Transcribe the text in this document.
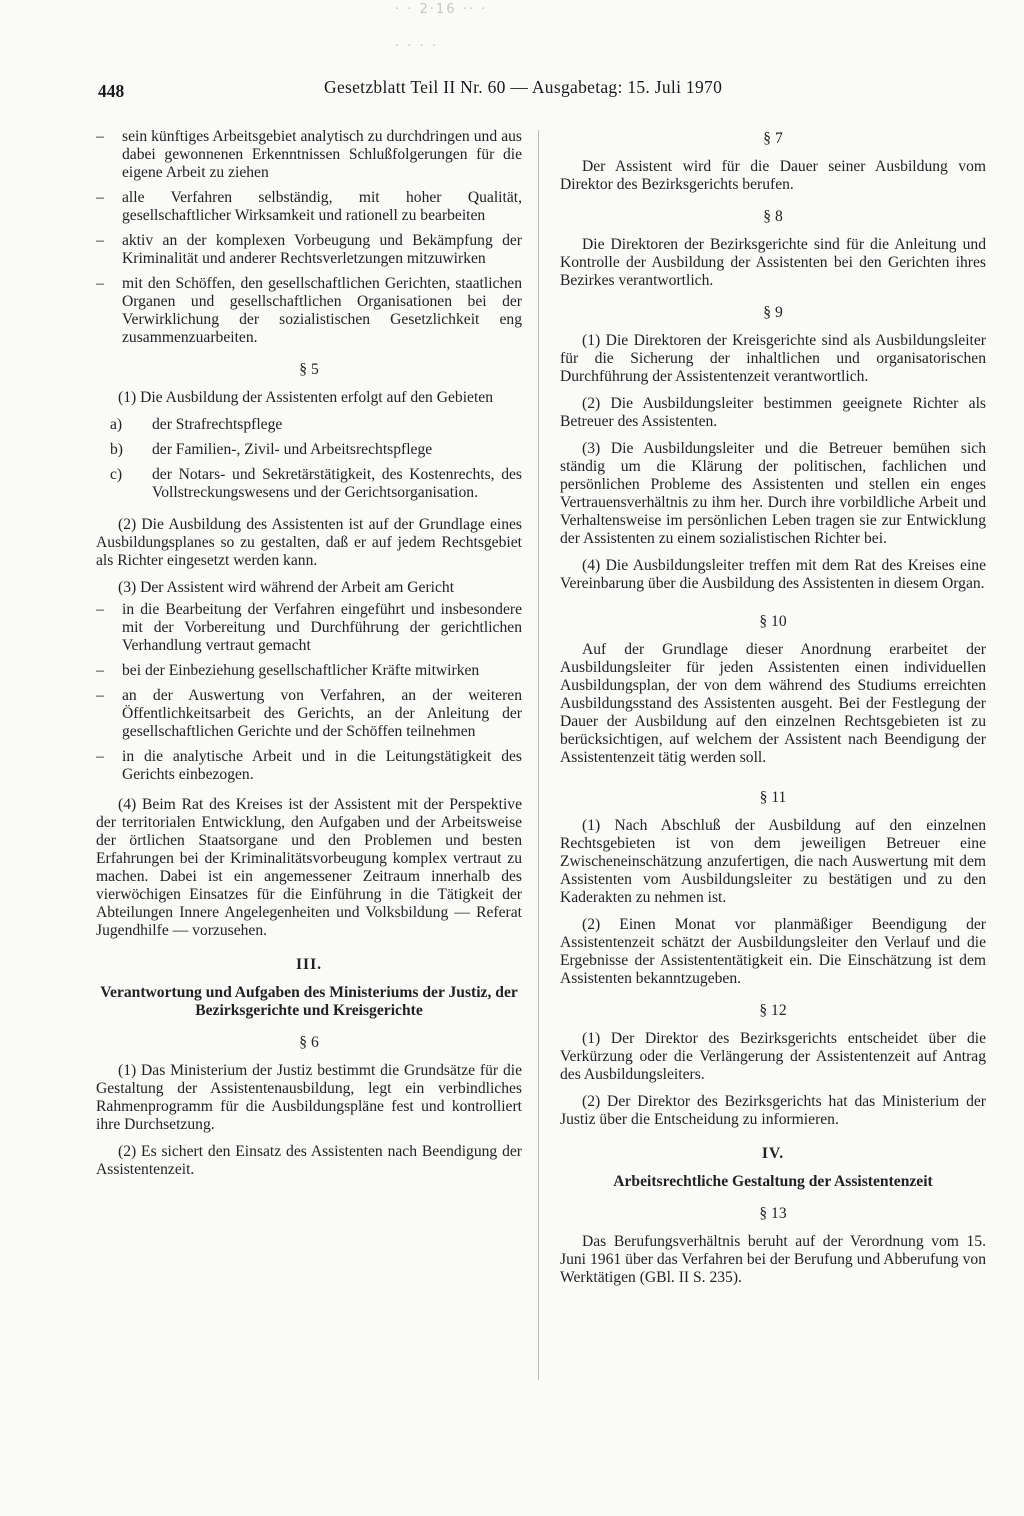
· · 2·16 ·· ·
· · · ·
448	Gesetzblatt Teil II Nr. 60 — Ausgabetag: 15. Juli 1970
– sein künftiges Arbeitsgebiet analytisch zu durchdringen und aus dabei gewonnenen Erkenntnissen Schlußfolgerungen für die eigene Arbeit zu ziehen
– alle Verfahren selbständig, mit hoher Qualität, gesellschaftlicher Wirksamkeit und rationell zu bearbeiten
– aktiv an der komplexen Vorbeugung und Bekämpfung der Kriminalität und anderer Rechtsverletzungen mitzuwirken
– mit den Schöffen, den gesellschaftlichen Gerichten, staatlichen Organen und gesellschaftlichen Organisationen bei der Verwirklichung der sozialistischen Gesetzlichkeit eng zusammenzuarbeiten.
§ 5

(1) Die Ausbildung der Assistenten erfolgt auf den Gebieten

a) der Strafrechtspflege
b) der Familien-, Zivil- und Arbeitsrechtspflege
c) der Notars- und Sekretärstätigkeit, des Kostenrechts, des Vollstreckungswesens und der Gerichtsorganisation.

(2) Die Ausbildung des Assistenten ist auf der Grundlage eines Ausbildungsplanes so zu gestalten, daß er auf jedem Rechtsgebiet als Richter eingesetzt werden kann.

(3) Der Assistent wird während der Arbeit am Gericht

– in die Bearbeitung der Verfahren eingeführt und insbesondere mit der Vorbereitung und Durchführung der gerichtlichen Verhandlung vertraut gemacht
– bei der Einbeziehung gesellschaftlicher Kräfte mitwirken
– an der Auswertung von Verfahren, an der weiteren Öffentlichkeitsarbeit des Gerichts, an der Anleitung der gesellschaftlichen Gerichte und der Schöffen teilnehmen
– in die analytische Arbeit und in die Leitungstätigkeit des Gerichts einbezogen.

(4) Beim Rat des Kreises ist der Assistent mit der Perspektive der territorialen Entwicklung, den Aufgaben und der Arbeitsweise der örtlichen Staatsorgane und den Problemen und besten Erfahrungen bei der Kriminalitätsvorbeugung komplex vertraut zu machen. Dabei ist ein angemessener Zeitraum innerhalb des vierwöchigen Einsatzes für die Einführung in die Tätigkeit der Abteilungen Innere Angelegenheiten und Volksbildung — Referat Jugendhilfe — vorzusehen.

III.
Verantwortung und Aufgaben des Ministeriums der Justiz, der Bezirksgerichte und Kreisgerichte
§ 6

(1) Das Ministerium der Justiz bestimmt die Grundsätze für die Gestaltung der Assistentenausbildung, legt ein verbindliches Rahmenprogramm für die Ausbildungspläne fest und kontrolliert ihre Durchsetzung.

(2) Es sichert den Einsatz des Assistenten nach Beendigung der Assistentenzeit.

§ 7

Der Assistent wird für die Dauer seiner Ausbildung vom Direktor des Bezirksgerichts berufen.

§ 8

Die Direktoren der Bezirksgerichte sind für die Anleitung und Kontrolle der Ausbildung der Assistenten bei den Gerichten ihres Bezirkes verantwortlich.

§ 9

(1) Die Direktoren der Kreisgerichte sind als Ausbildungsleiter für die Sicherung der inhaltlichen und organisatorischen Durchführung der Assistentenzeit verantwortlich.

(2) Die Ausbildungsleiter bestimmen geeignete Richter als Betreuer des Assistenten.

(3) Die Ausbildungsleiter und die Betreuer bemühen sich ständig um die Klärung der politischen, fachlichen und persönlichen Probleme des Assistenten und stellen ein enges Vertrauensverhältnis zu ihm her. Durch ihre vorbildliche Arbeit und Verhaltensweise im persönlichen Leben tragen sie zur Entwicklung der Assistenten zu einem sozialistischen Richter bei.

(4) Die Ausbildungsleiter treffen mit dem Rat des Kreises eine Vereinbarung über die Ausbildung des Assistenten in diesem Organ.

§ 10

Auf der Grundlage dieser Anordnung erarbeitet der Ausbildungsleiter für jeden Assistenten einen individuellen Ausbildungsplan, der von dem während des Studiums erreichten Ausbildungsstand des Assistenten ausgeht. Bei der Festlegung der Dauer der Ausbildung auf den einzelnen Rechtsgebieten ist zu berücksichtigen, auf welchem der Assistent nach Beendigung der Assistentenzeit tätig werden soll.

§ 11

(1) Nach Abschluß der Ausbildung auf den einzelnen Rechtsgebieten ist von dem jeweiligen Betreuer eine Zwischeneinschätzung anzufertigen, die nach Auswertung mit dem Assistenten vom Ausbildungsleiter zu bestätigen und zu den Kaderakten zu nehmen ist.

(2) Einen Monat vor planmäßiger Beendigung der Assistentenzeit schätzt der Ausbildungsleiter den Verlauf und die Ergebnisse der Assistententätigkeit ein. Die Einschätzung ist dem Assistenten bekanntzugeben.

§ 12

(1) Der Direktor des Bezirksgerichts entscheidet über die Verkürzung oder die Verlängerung der Assistentenzeit auf Antrag des Ausbildungsleiters.

(2) Der Direktor des Bezirksgerichts hat das Ministerium der Justiz über die Entscheidung zu informieren.

IV.
Arbeitsrechtliche Gestaltung der Assistentenzeit
§ 13

Das Berufungsverhältnis beruht auf der Verordnung vom 15. Juni 1961 über das Verfahren bei der Berufung und Abberufung von Werktätigen (GBl. II S. 235).
